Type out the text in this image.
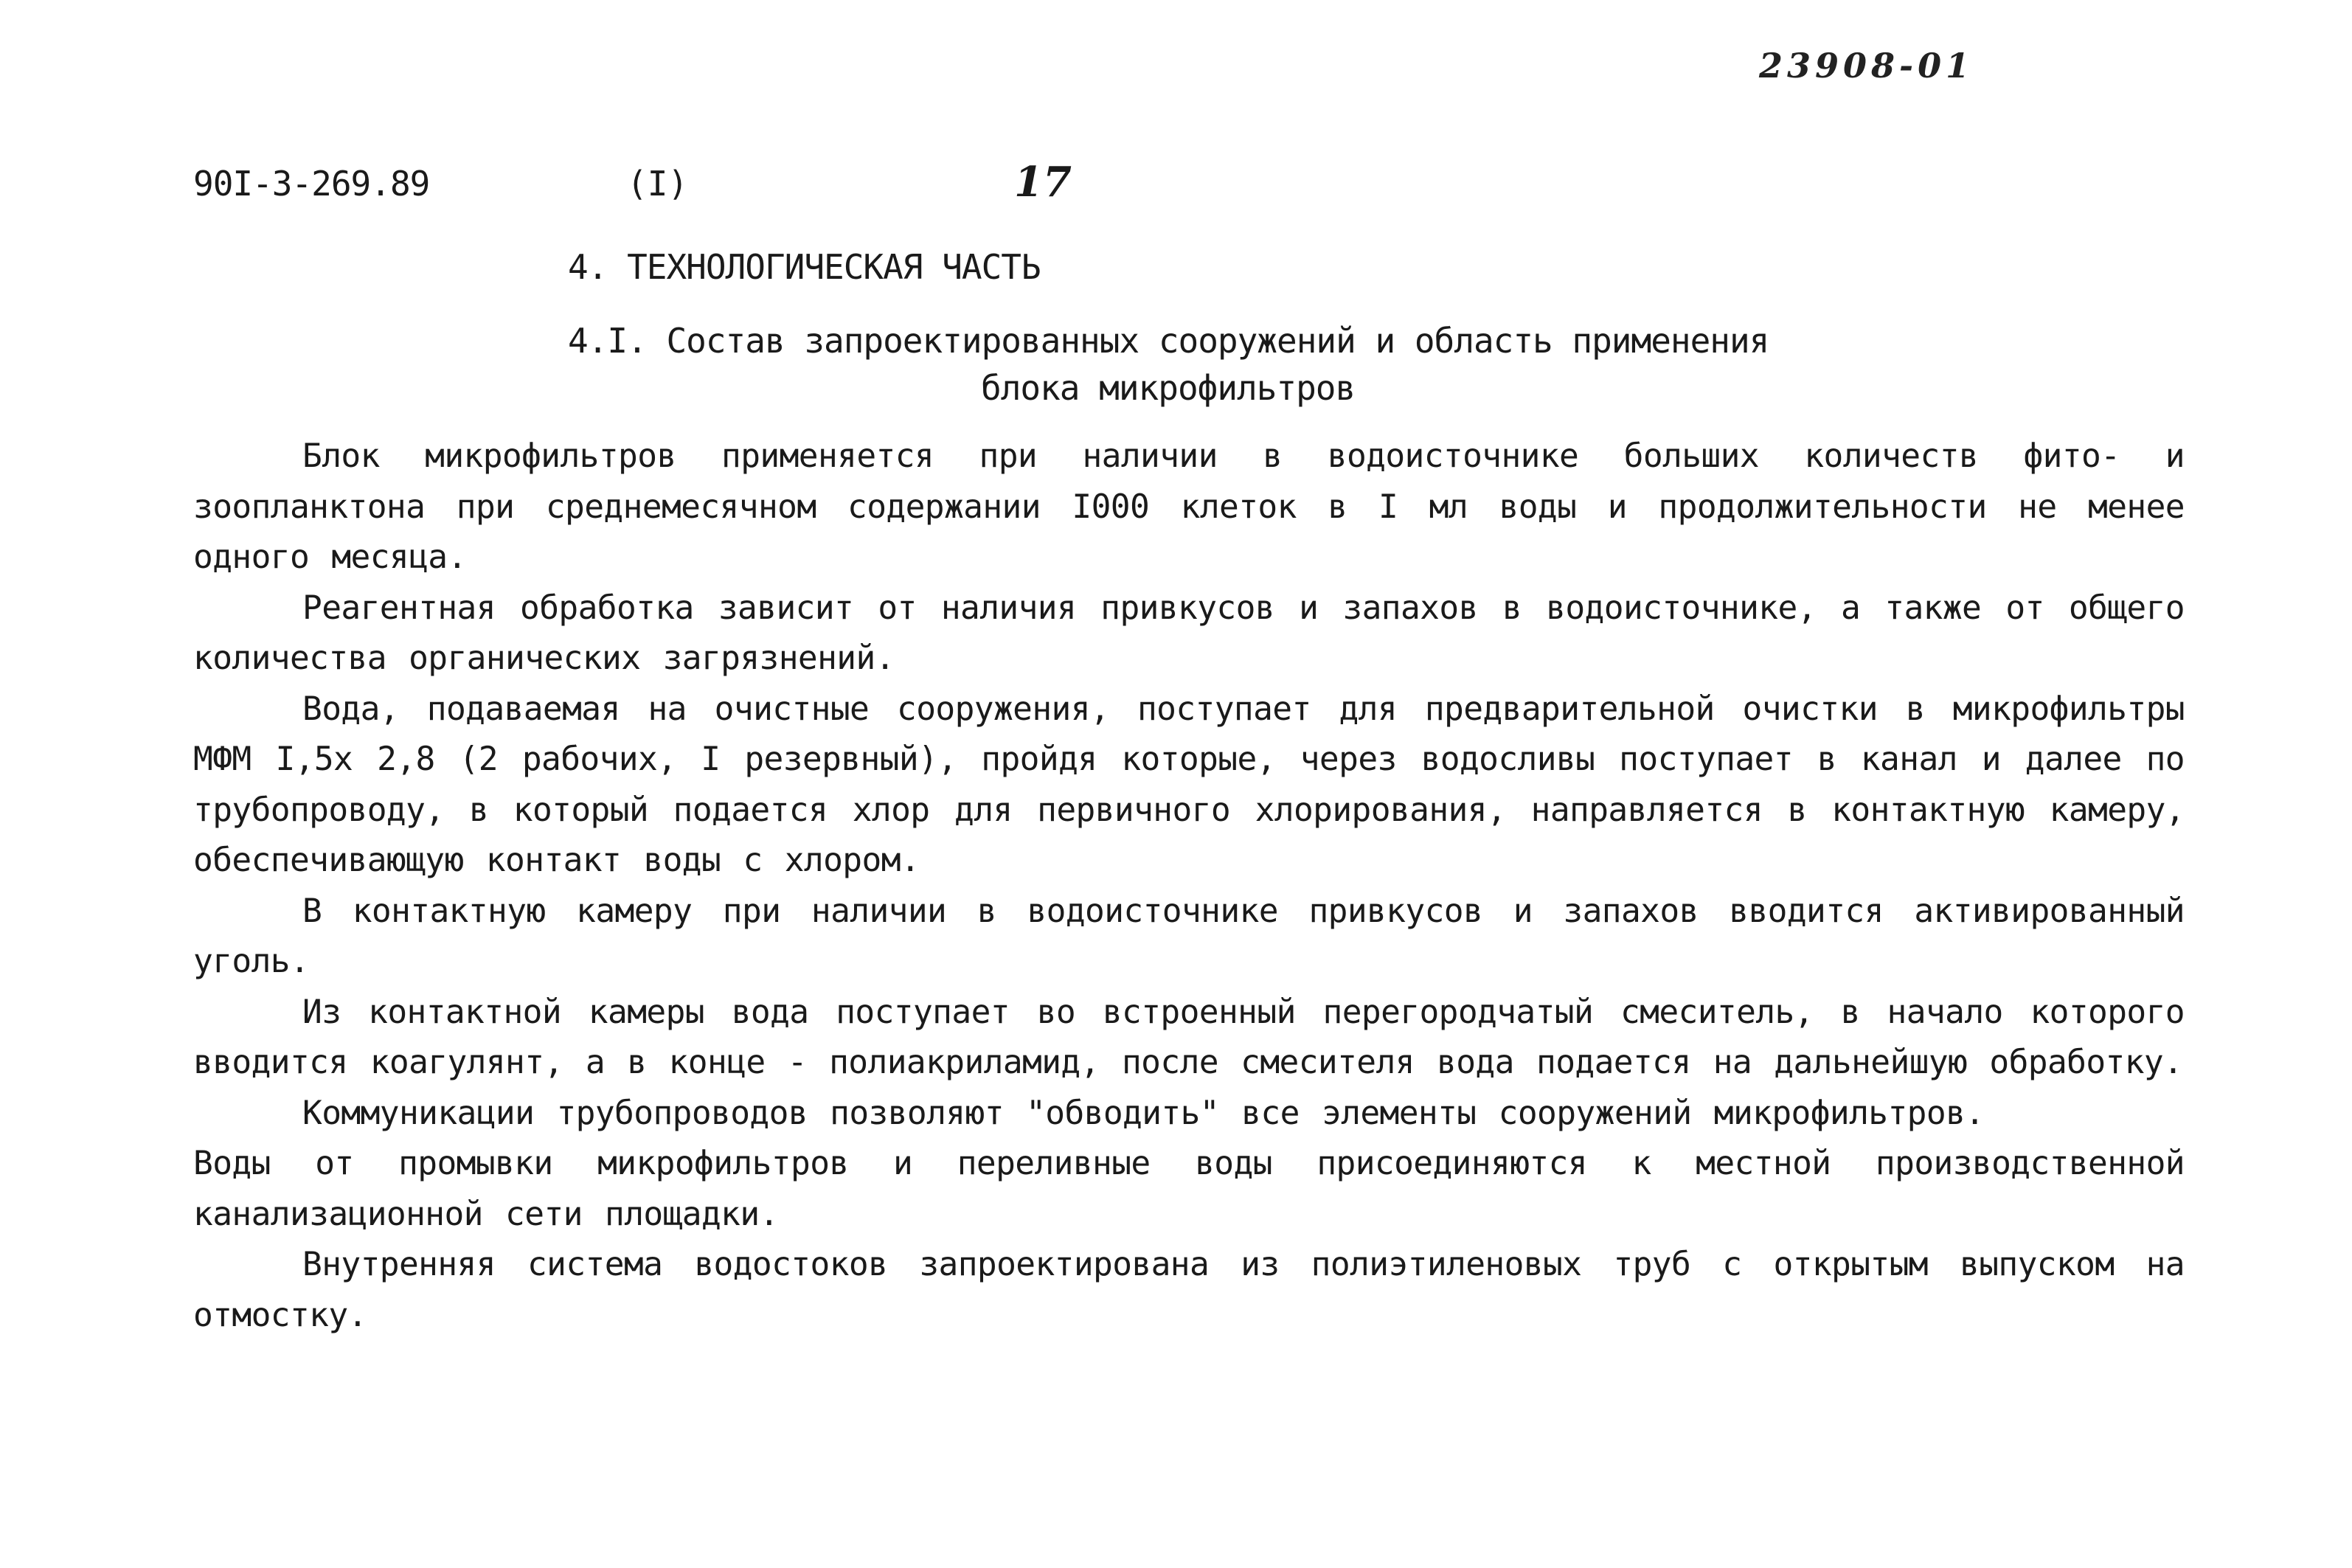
23908-01
90I-3-269.89	(I)	17
4. ТЕХНОЛОГИЧЕСКАЯ ЧАСТЬ
4.I. Состав запроектированных сооружений и область применения
блока микрофильтров

Блок микрофильтров применяется при наличии в водоисточнике больших количеств фито- и зоопланктона при среднемесячном содержании I000 клеток в I мл воды и продолжительности не менее одного месяца.

Реагентная обработка зависит от наличия привкусов и запахов в водоисточнике, а также от общего количества органических загрязнений.

Вода, подаваемая на очистные сооружения, поступает для предварительной очистки в микрофильтры МФМ I,5х 2,8 (2 рабочих, I резервный), пройдя которые, через водосливы поступает в канал и далее по трубопроводу, в который подается хлор для первичного хлорирования, направляется в контактную камеру, обеспечивающую контакт воды с хлором.

В контактную камеру при наличии в водоисточнике привкусов и запахов вводится активированный уголь.

Из контактной камеры вода поступает во встроенный перегородчатый смеситель, в начало которого вводится коагулянт, а в конце - полиакриламид, после смесителя вода подается на дальнейшую обработку.

Коммуникации трубопроводов позволяют "обводить" все элементы сооружений микрофильтров.

Воды от промывки микрофильтров и переливные воды присоединяются к местной производственной канализационной сети площадки.

Внутренняя система водостоков запроектирована из полиэтиленовых труб с открытым выпуском на отмостку.
